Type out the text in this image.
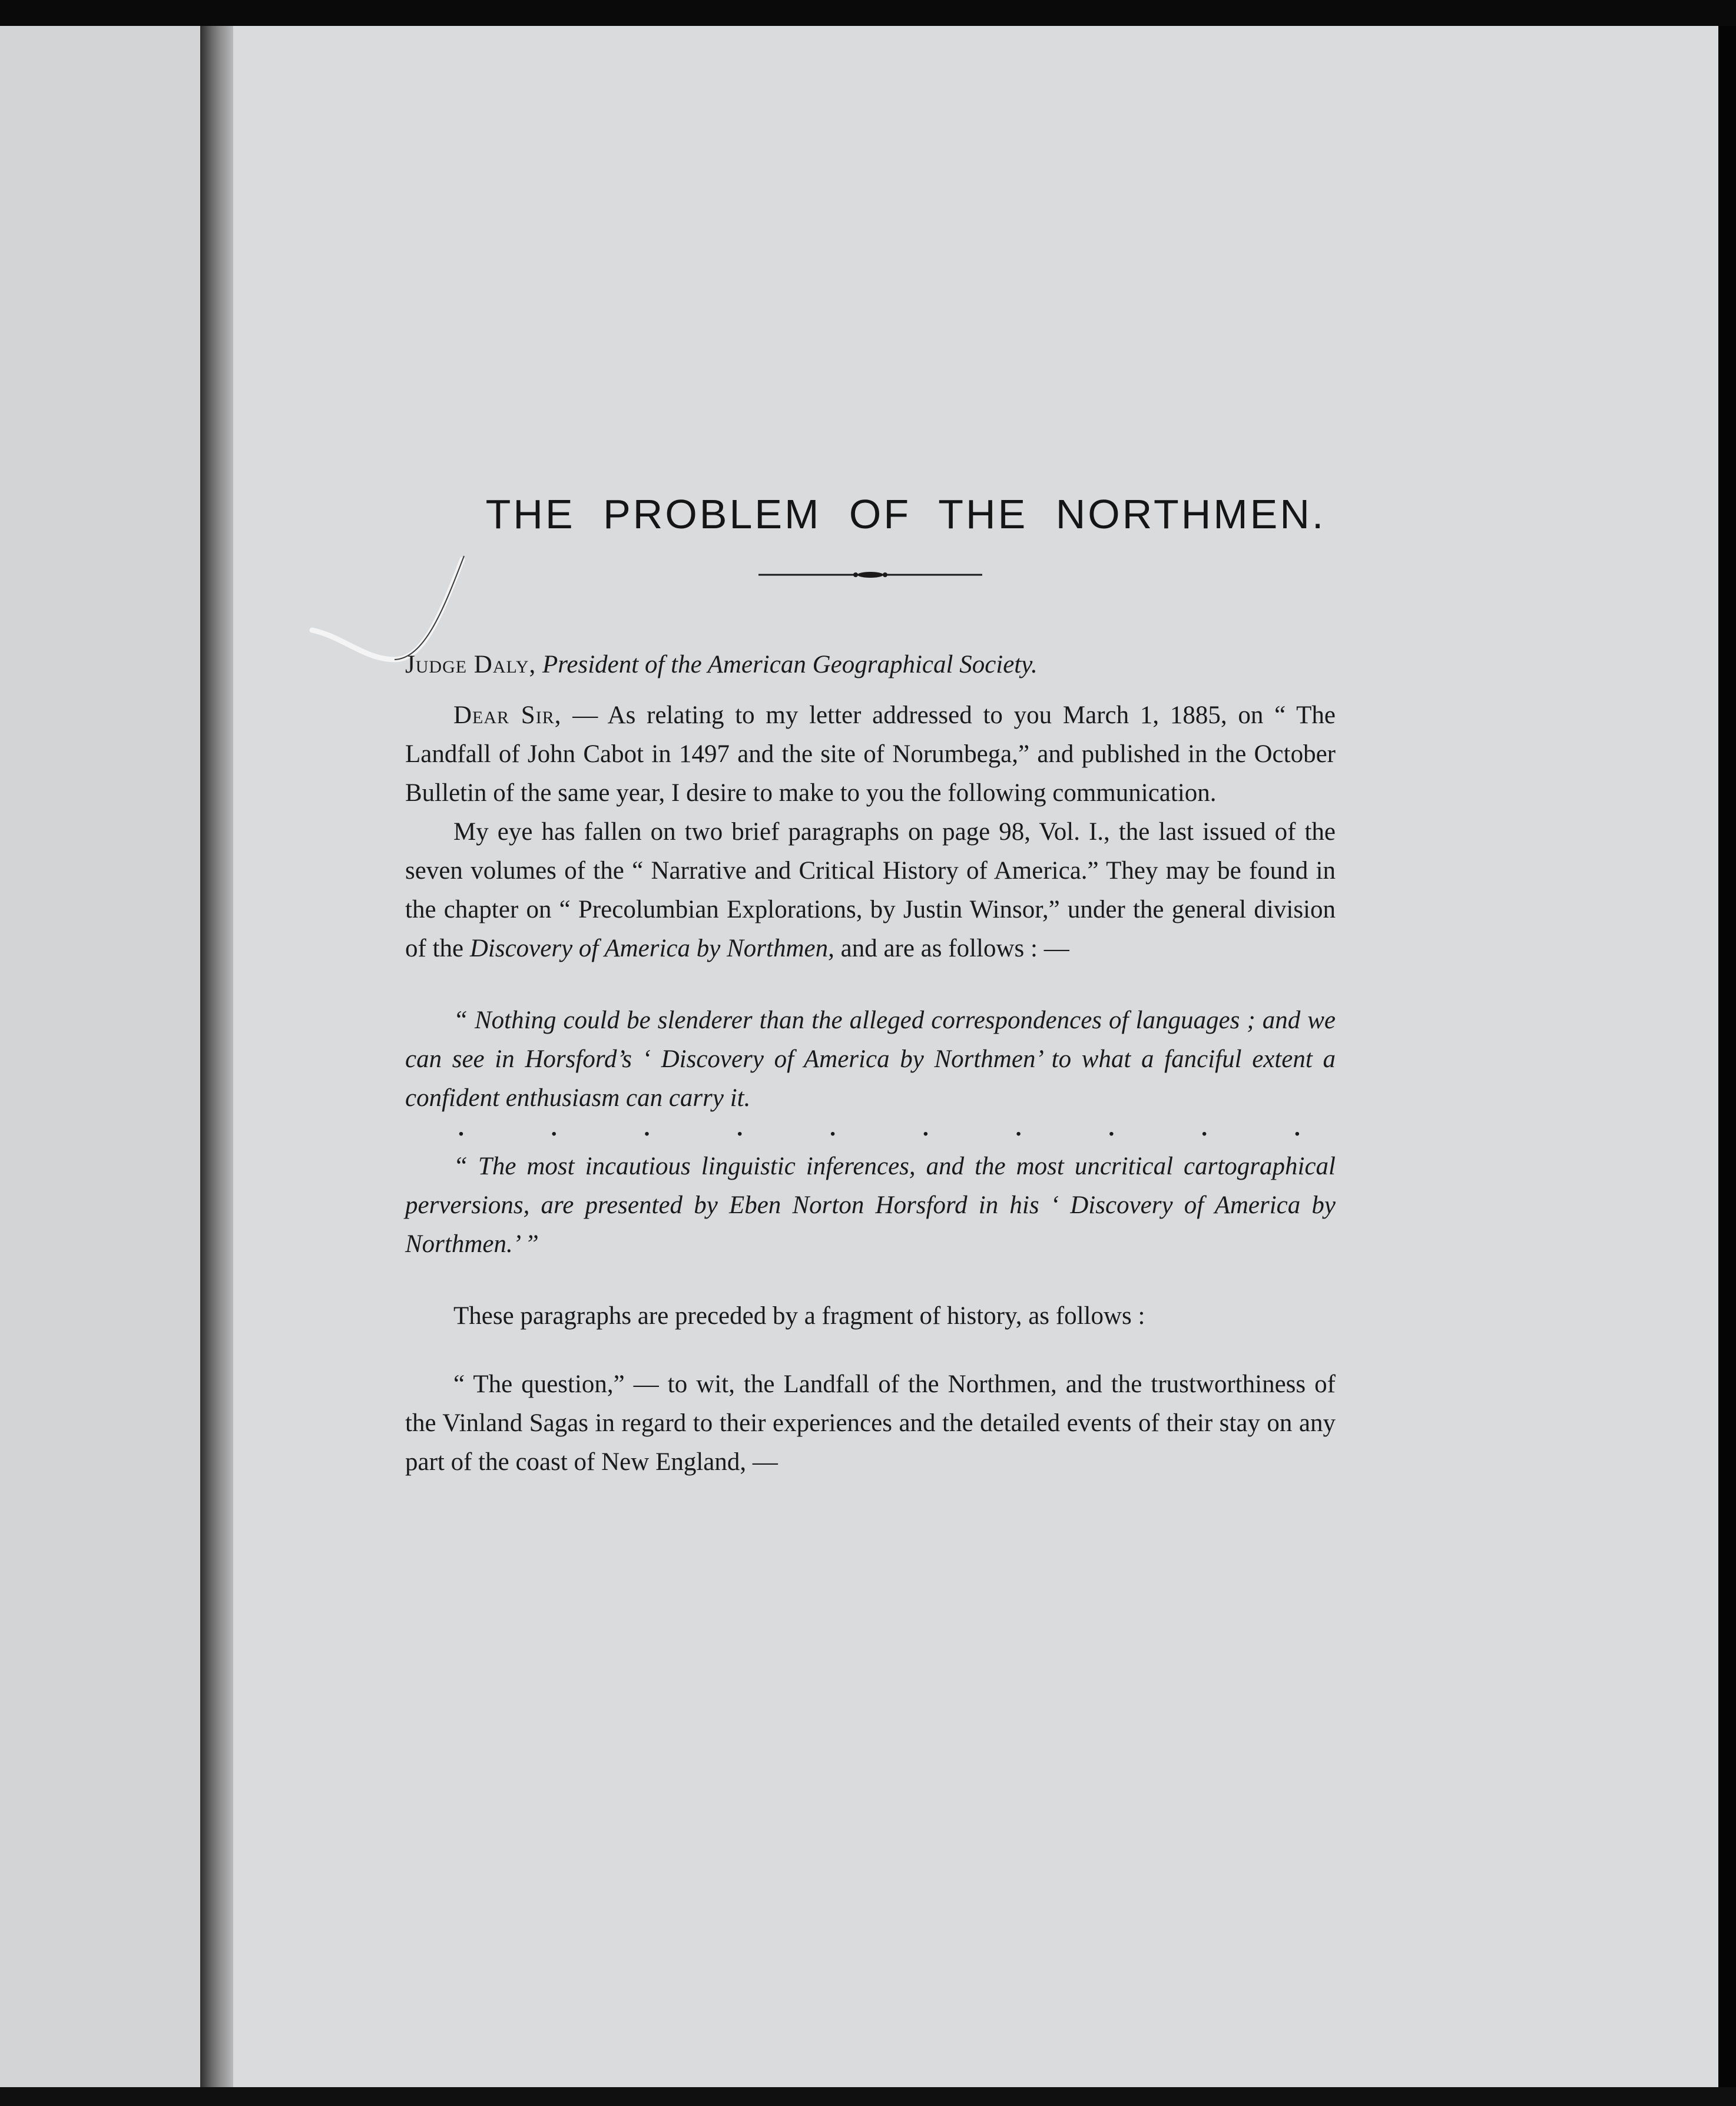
THE PROBLEM OF THE NORTHMEN.

Judge Daly, President of the American Geographical Society.

Dear Sir, — As relating to my letter addressed to you March 1, 1885, on “ The Landfall of John Cabot in 1497 and the site of Norumbega,” and published in the October Bulletin of the same year, I desire to make to you the following communication.

My eye has fallen on two brief paragraphs on page 98, Vol. I., the last issued of the seven volumes of the “ Narrative and Critical History of America.” They may be found in the chapter on “ Precolumbian Explorations, by Justin Winsor,” under the general division of the Discovery of America by Northmen, and are as follows : —

“ Nothing could be slenderer than the alleged correspondences of languages ; and we can see in Horsford’s ‘ Discovery of America by Northmen’ to what a fanciful extent a confident enthusiasm can carry it.

.	.	.	.	.	.	.	.	.	.

“ The most incautious linguistic inferences, and the most uncritical cartographical perversions, are presented by Eben Norton Horsford in his ‘ Discovery of America by Northmen.’ ”

These paragraphs are preceded by a fragment of history, as follows :

“ The question,” — to wit, the Landfall of the Northmen, and the trustworthiness of the Vinland Sagas in regard to their experiences and the detailed events of their stay on any part of the coast of New England, —
